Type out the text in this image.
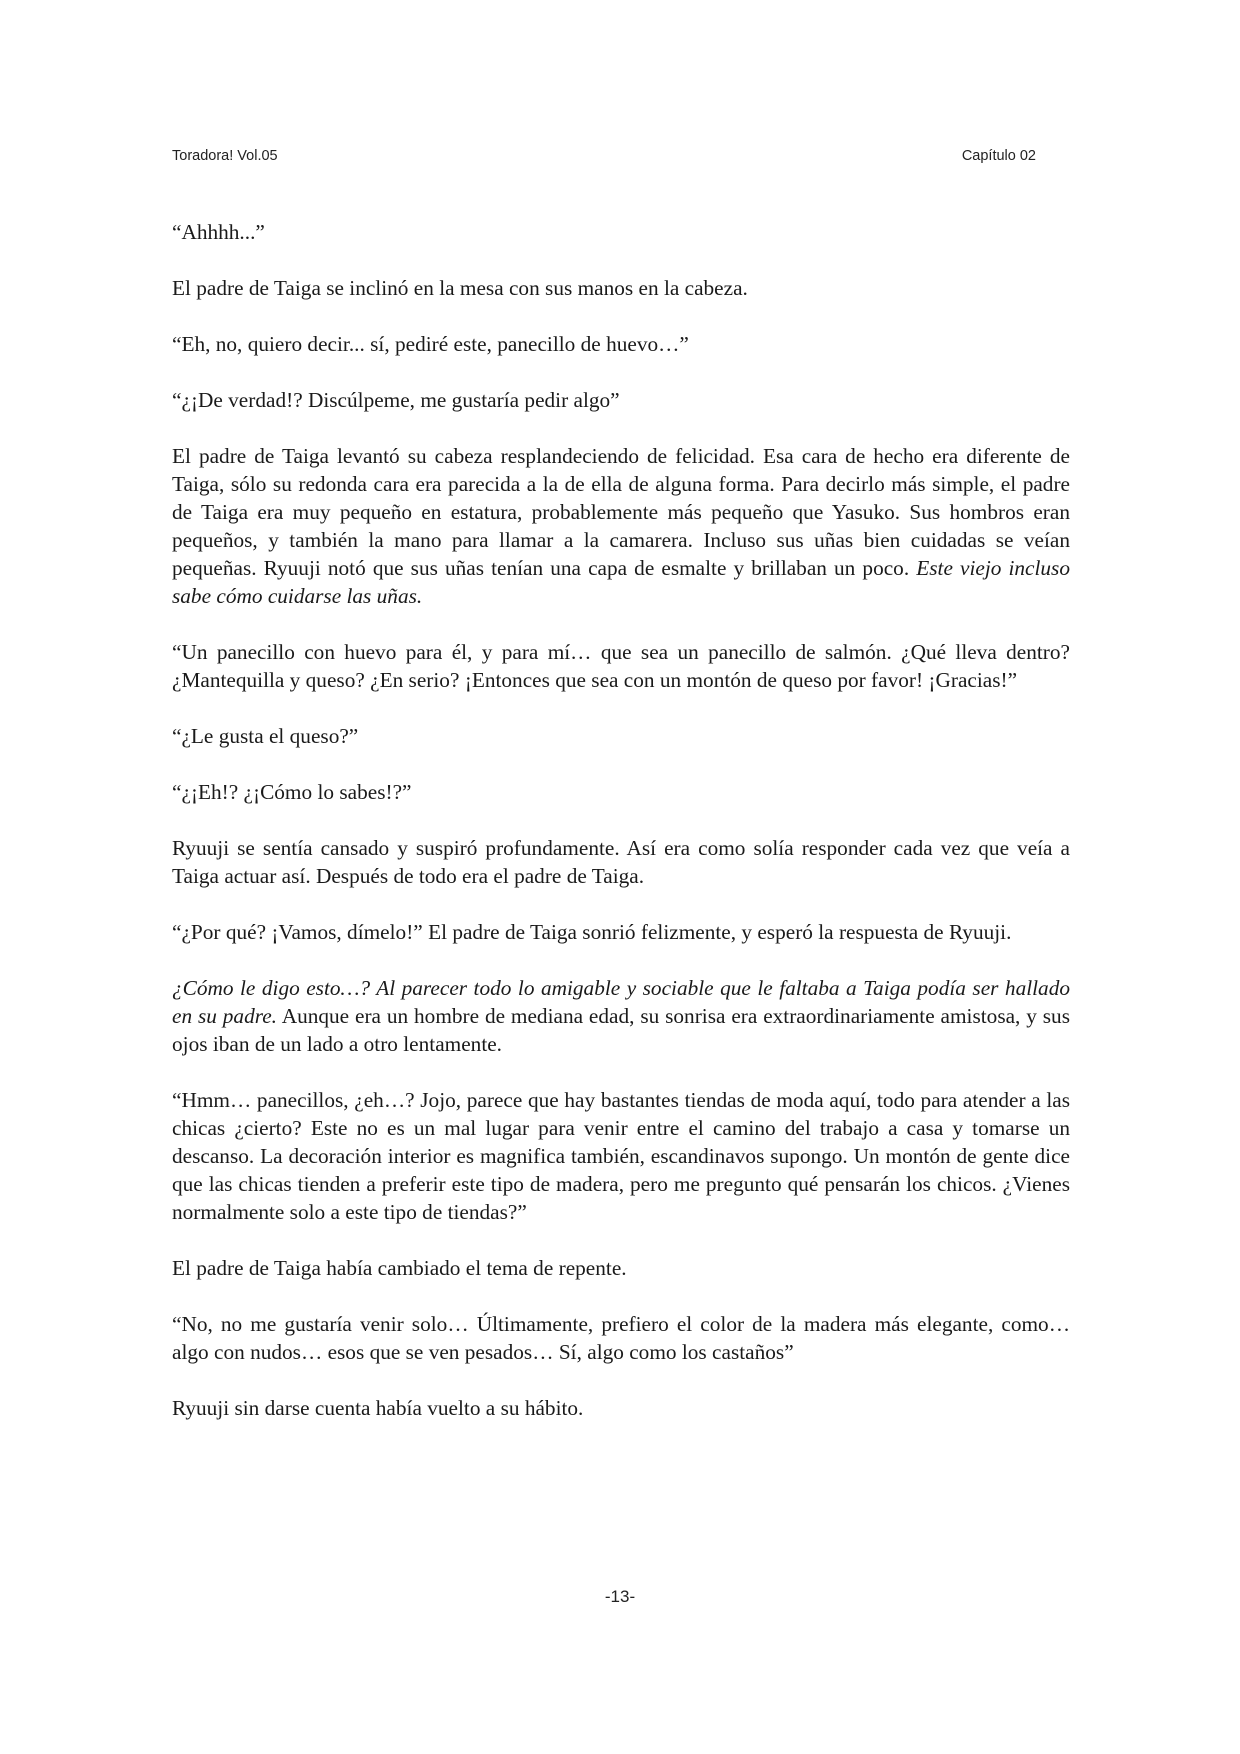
Toradora! Vol.05	Capítulo 02

“Ahhhh...”

El padre de Taiga se inclinó en la mesa con sus manos en la cabeza.

“Eh, no, quiero decir... sí, pediré este, panecillo de huevo…”

“¿¡De verdad!? Discúlpeme, me gustaría pedir algo”

El padre de Taiga levantó su cabeza resplandeciendo de felicidad. Esa cara de hecho era diferente de Taiga, sólo su redonda cara era parecida a la de ella de alguna forma. Para decirlo más simple, el padre de Taiga era muy pequeño en estatura, probablemente más pequeño que Yasuko. Sus hombros eran pequeños, y también la mano para llamar a la camarera. Incluso sus uñas bien cuidadas se veían pequeñas. Ryuuji notó que sus uñas tenían una capa de esmalte y brillaban un poco. Este viejo incluso sabe cómo cuidarse las uñas.

“Un panecillo con huevo para él, y para mí… que sea un panecillo de salmón. ¿Qué lleva dentro? ¿Mantequilla y queso? ¿En serio? ¡Entonces que sea con un montón de queso por favor! ¡Gracias!”

“¿Le gusta el queso?”

“¿¡Eh!? ¿¡Cómo lo sabes!?”

Ryuuji se sentía cansado y suspiró profundamente. Así era como solía responder cada vez que veía a Taiga actuar así. Después de todo era el padre de Taiga.

“¿Por qué? ¡Vamos, dímelo!” El padre de Taiga sonrió felizmente, y esperó la respuesta de Ryuuji.

¿Cómo le digo esto…? Al parecer todo lo amigable y sociable que le faltaba a Taiga podía ser hallado en su padre. Aunque era un hombre de mediana edad, su sonrisa era extraordinariamente amistosa, y sus ojos iban de un lado a otro lentamente.

“Hmm… panecillos, ¿eh…? Jojo, parece que hay bastantes tiendas de moda aquí, todo para atender a las chicas ¿cierto? Este no es un mal lugar para venir entre el camino del trabajo a casa y tomarse un descanso. La decoración interior es magnifica también, escandinavos supongo. Un montón de gente dice que las chicas tienden a preferir este tipo de madera, pero me pregunto qué pensarán los chicos. ¿Vienes normalmente solo a este tipo de tiendas?”

El padre de Taiga había cambiado el tema de repente.

“No, no me gustaría venir solo… Últimamente, prefiero el color de la madera más elegante, como… algo con nudos… esos que se ven pesados… Sí, algo como los castaños”

Ryuuji sin darse cuenta había vuelto a su hábito.

-13-
